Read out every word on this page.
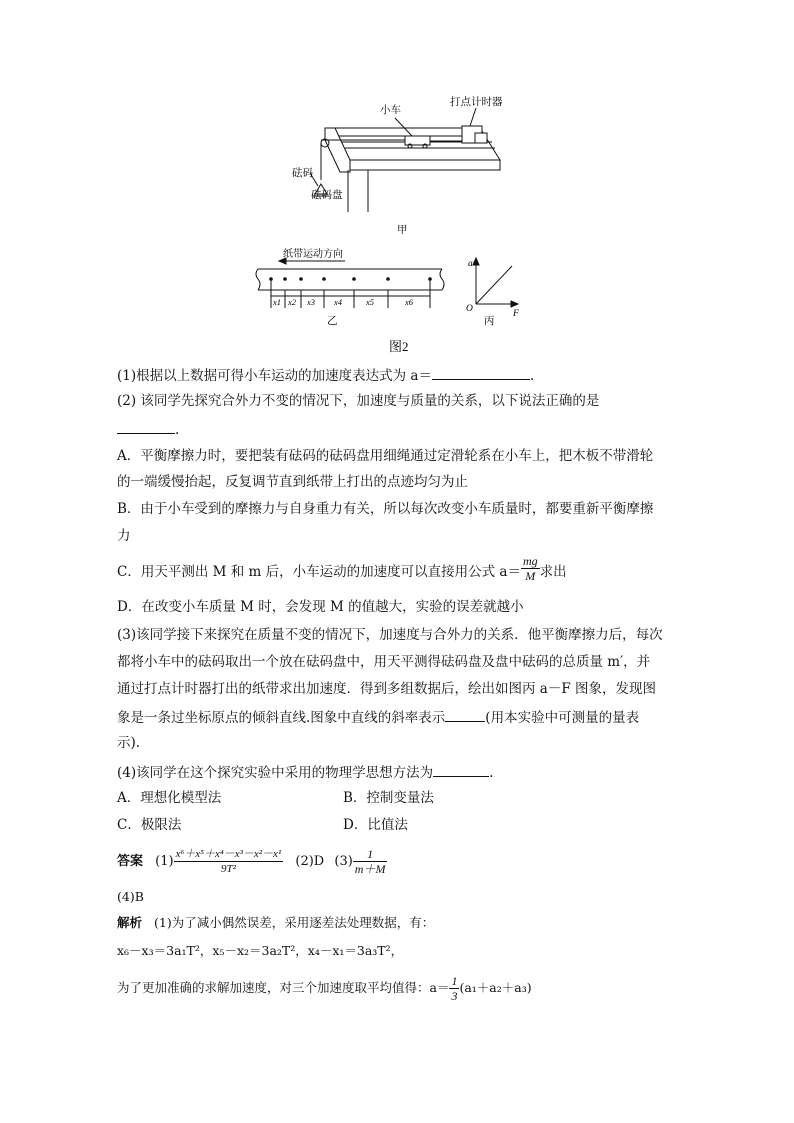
小车
打点计时器
砝码
砝码盘
甲
纸带运动方向
x1 x2 x3 x4	x5	x6
乙
a
F
O
丙
图2
(1)根据以上数据可得小车运动的加速度表达式为 a＝	.
(2) 该同学先探究合外力不变的情况下，加速度与质量的关系，以下说法正确的是
.
A．平衡摩擦力时，要把装有砝码的砝码盘用细绳通过定滑轮系在小车上，把木板不带滑轮
的一端缓慢抬起，反复调节直到纸带上打出的点迹均匀为止
B．由于小车受到的摩擦力与自身重力有关，所以每次改变小车质量时，都要重新平衡摩擦
力
C．用天平测出 M 和 m 后，小车运动的加速度可以直接用公式 $a= \frac{mg}{M}$ 求出
D．在改变小车质量 M 时，会发现 M 的值越大，实验的误差就越小
(3)该同学接下来探究在质量不变的情况下，加速度与合外力的关系．他平衡摩擦力后，每次
都将小车中的砝码取出一个放在砝码盘中，用天平测得砝码盘及盘中砝码的总质量 m′，并
通过打点计时器打出的纸带求出加速度．得到多组数据后，绘出如图丙 a－F 图象，发现图
象是一条过坐标原点的倾斜直线.图象中直线的斜率表示	(用本实验中可测量的量表
示).
(4)该同学在这个探究实验中采用的物理学思想方法为	.
A．理想化模型法	B．控制变量法
C．极限法	D．比值法
答案 $(1) \frac{\text{x⁶＋x⁵＋x⁴－x³－x²－x¹}}{\text{9T²}} (2)D$ $(3) \frac{1}{m+M}$
(4)B
解析 (1)为了减小偶然误差，采用逐差法处理数据，有：
x₆－x₃＝3a₁T²，x₅－x₂＝3a₂T²，x₄－x₁＝3a₃T²，
为了更加准确的求解加速度，对三个加速度取平均值得：$a= \frac{1}{3} (a_1+a_2+a_3)$
